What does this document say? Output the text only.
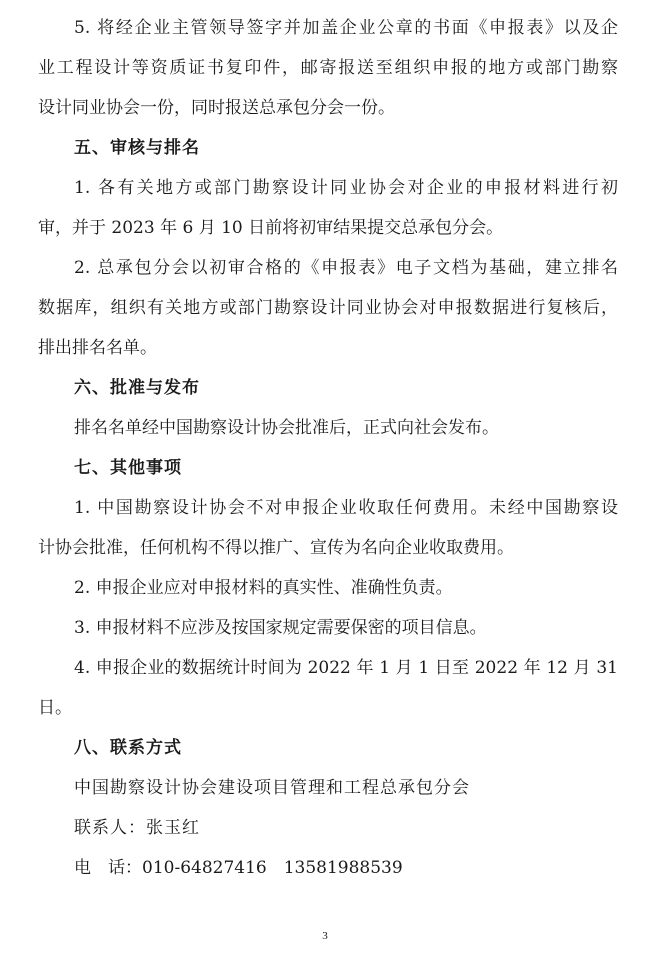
5. 将经企业主管领导签字并加盖企业公章的书面《申报表》以及企
业工程设计等资质证书复印件，邮寄报送至组织申报的地方或部门勘察
设计同业协会一份，同时报送总承包分会一份。
五、审核与排名
1. 各有关地方或部门勘察设计同业协会对企业的申报材料进行初
审，并于 2023 年 6 月 10 日前将初审结果提交总承包分会。
2. 总承包分会以初审合格的《申报表》电子文档为基础，建立排名
数据库，组织有关地方或部门勘察设计同业协会对申报数据进行复核后，
排出排名名单。
六、批准与发布
排名名单经中国勘察设计协会批准后，正式向社会发布。
七、其他事项
1. 中国勘察设计协会不对申报企业收取任何费用。未经中国勘察设
计协会批准，任何机构不得以推广、宣传为名向企业收取费用。
2. 申报企业应对申报材料的真实性、准确性负责。
3. 申报材料不应涉及按国家规定需要保密的项目信息。
4. 申报企业的数据统计时间为 2022 年 1 月 1 日至 2022 年 12 月 31
日。
八、联系方式
中国勘察设计协会建设项目管理和工程总承包分会
联系人：张玉红
电　话：010-64827416　13581988539
3
